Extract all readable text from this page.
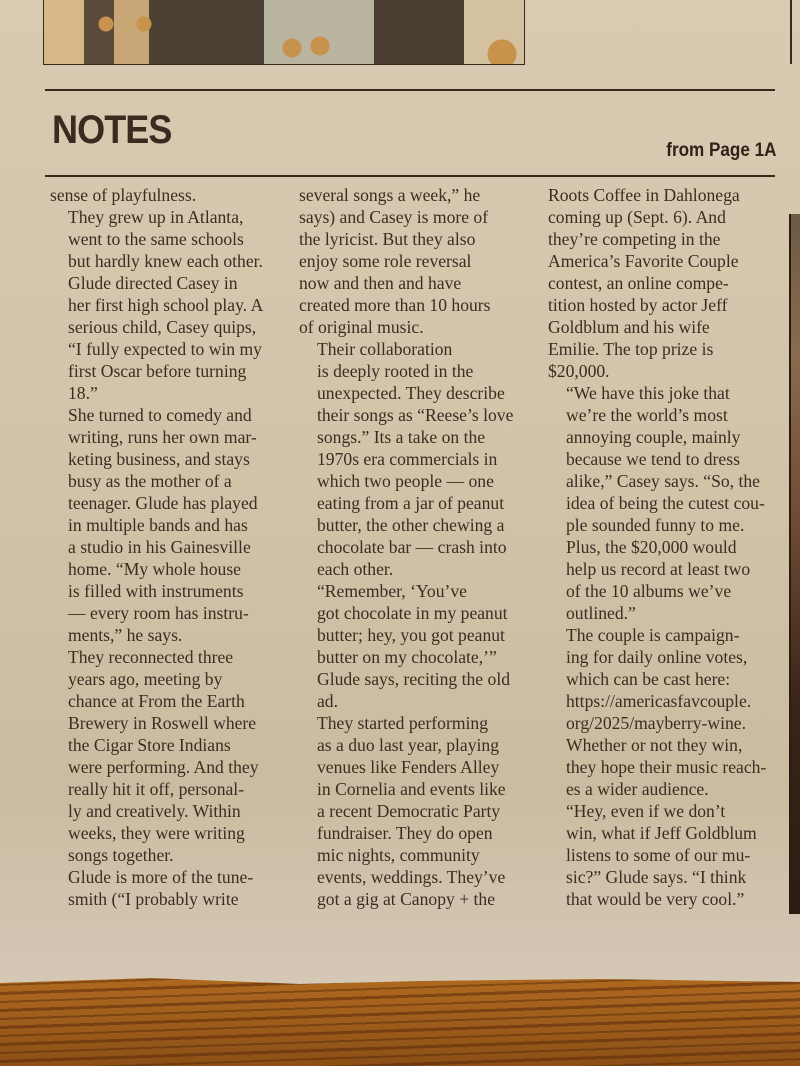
NOTES	from Page 1A

sense of playfulness.

They grew up in Atlanta,
went to the same schools
but hardly knew each other.
Glude directed Casey in
her first high school play. A
serious child, Casey quips,
“I fully expected to win my
first Oscar before turning
18.”

She turned to comedy and
writing, runs her own mar-
keting business, and stays
busy as the mother of a
teenager. Glude has played
in multiple bands and has
a studio in his Gainesville
home. “My whole house
is filled with instruments
— every room has instru-
ments,” he says.

They reconnected three
years ago, meeting by
chance at From the Earth
Brewery in Roswell where
the Cigar Store Indians
were performing. And they
really hit it off, personal-
ly and creatively. Within
weeks, they were writing
songs together.

Glude is more of the tune-
smith (“I probably write

several songs a week,” he
says) and Casey is more of
the lyricist. But they also
enjoy some role reversal
now and then and have
created more than 10 hours
of original music.

Their collaboration
is deeply rooted in the
unexpected. They describe
their songs as “Reese’s love
songs.” Its a take on the
1970s era commercials in
which two people — one
eating from a jar of peanut
butter, the other chewing a
chocolate bar — crash into
each other.

“Remember, ‘You’ve
got chocolate in my peanut
butter; hey, you got peanut
butter on my chocolate,’”
Glude says, reciting the old
ad.

They started performing
as a duo last year, playing
venues like Fenders Alley
in Cornelia and events like
a recent Democratic Party
fundraiser. They do open
mic nights, community
events, weddings. They’ve
got a gig at Canopy + the

Roots Coffee in Dahlonega
coming up (Sept. 6). And
they’re competing in the
America’s Favorite Couple
contest, an online compe-
tition hosted by actor Jeff
Goldblum and his wife
Emilie. The top prize is
$20,000.

“We have this joke that
we’re the world’s most
annoying couple, mainly
because we tend to dress
alike,” Casey says. “So, the
idea of being the cutest cou-
ple sounded funny to me.
Plus, the $20,000 would
help us record at least two
of the 10 albums we’ve
outlined.”

The couple is campaign-
ing for daily online votes,
which can be cast here:
https://americasfavcouple.
org/2025/mayberry-wine.

Whether or not they win,
they hope their music reach-
es a wider audience.

“Hey, even if we don’t
win, what if Jeff Goldblum
listens to some of our mu-
sic?” Glude says. “I think
that would be very cool.”
